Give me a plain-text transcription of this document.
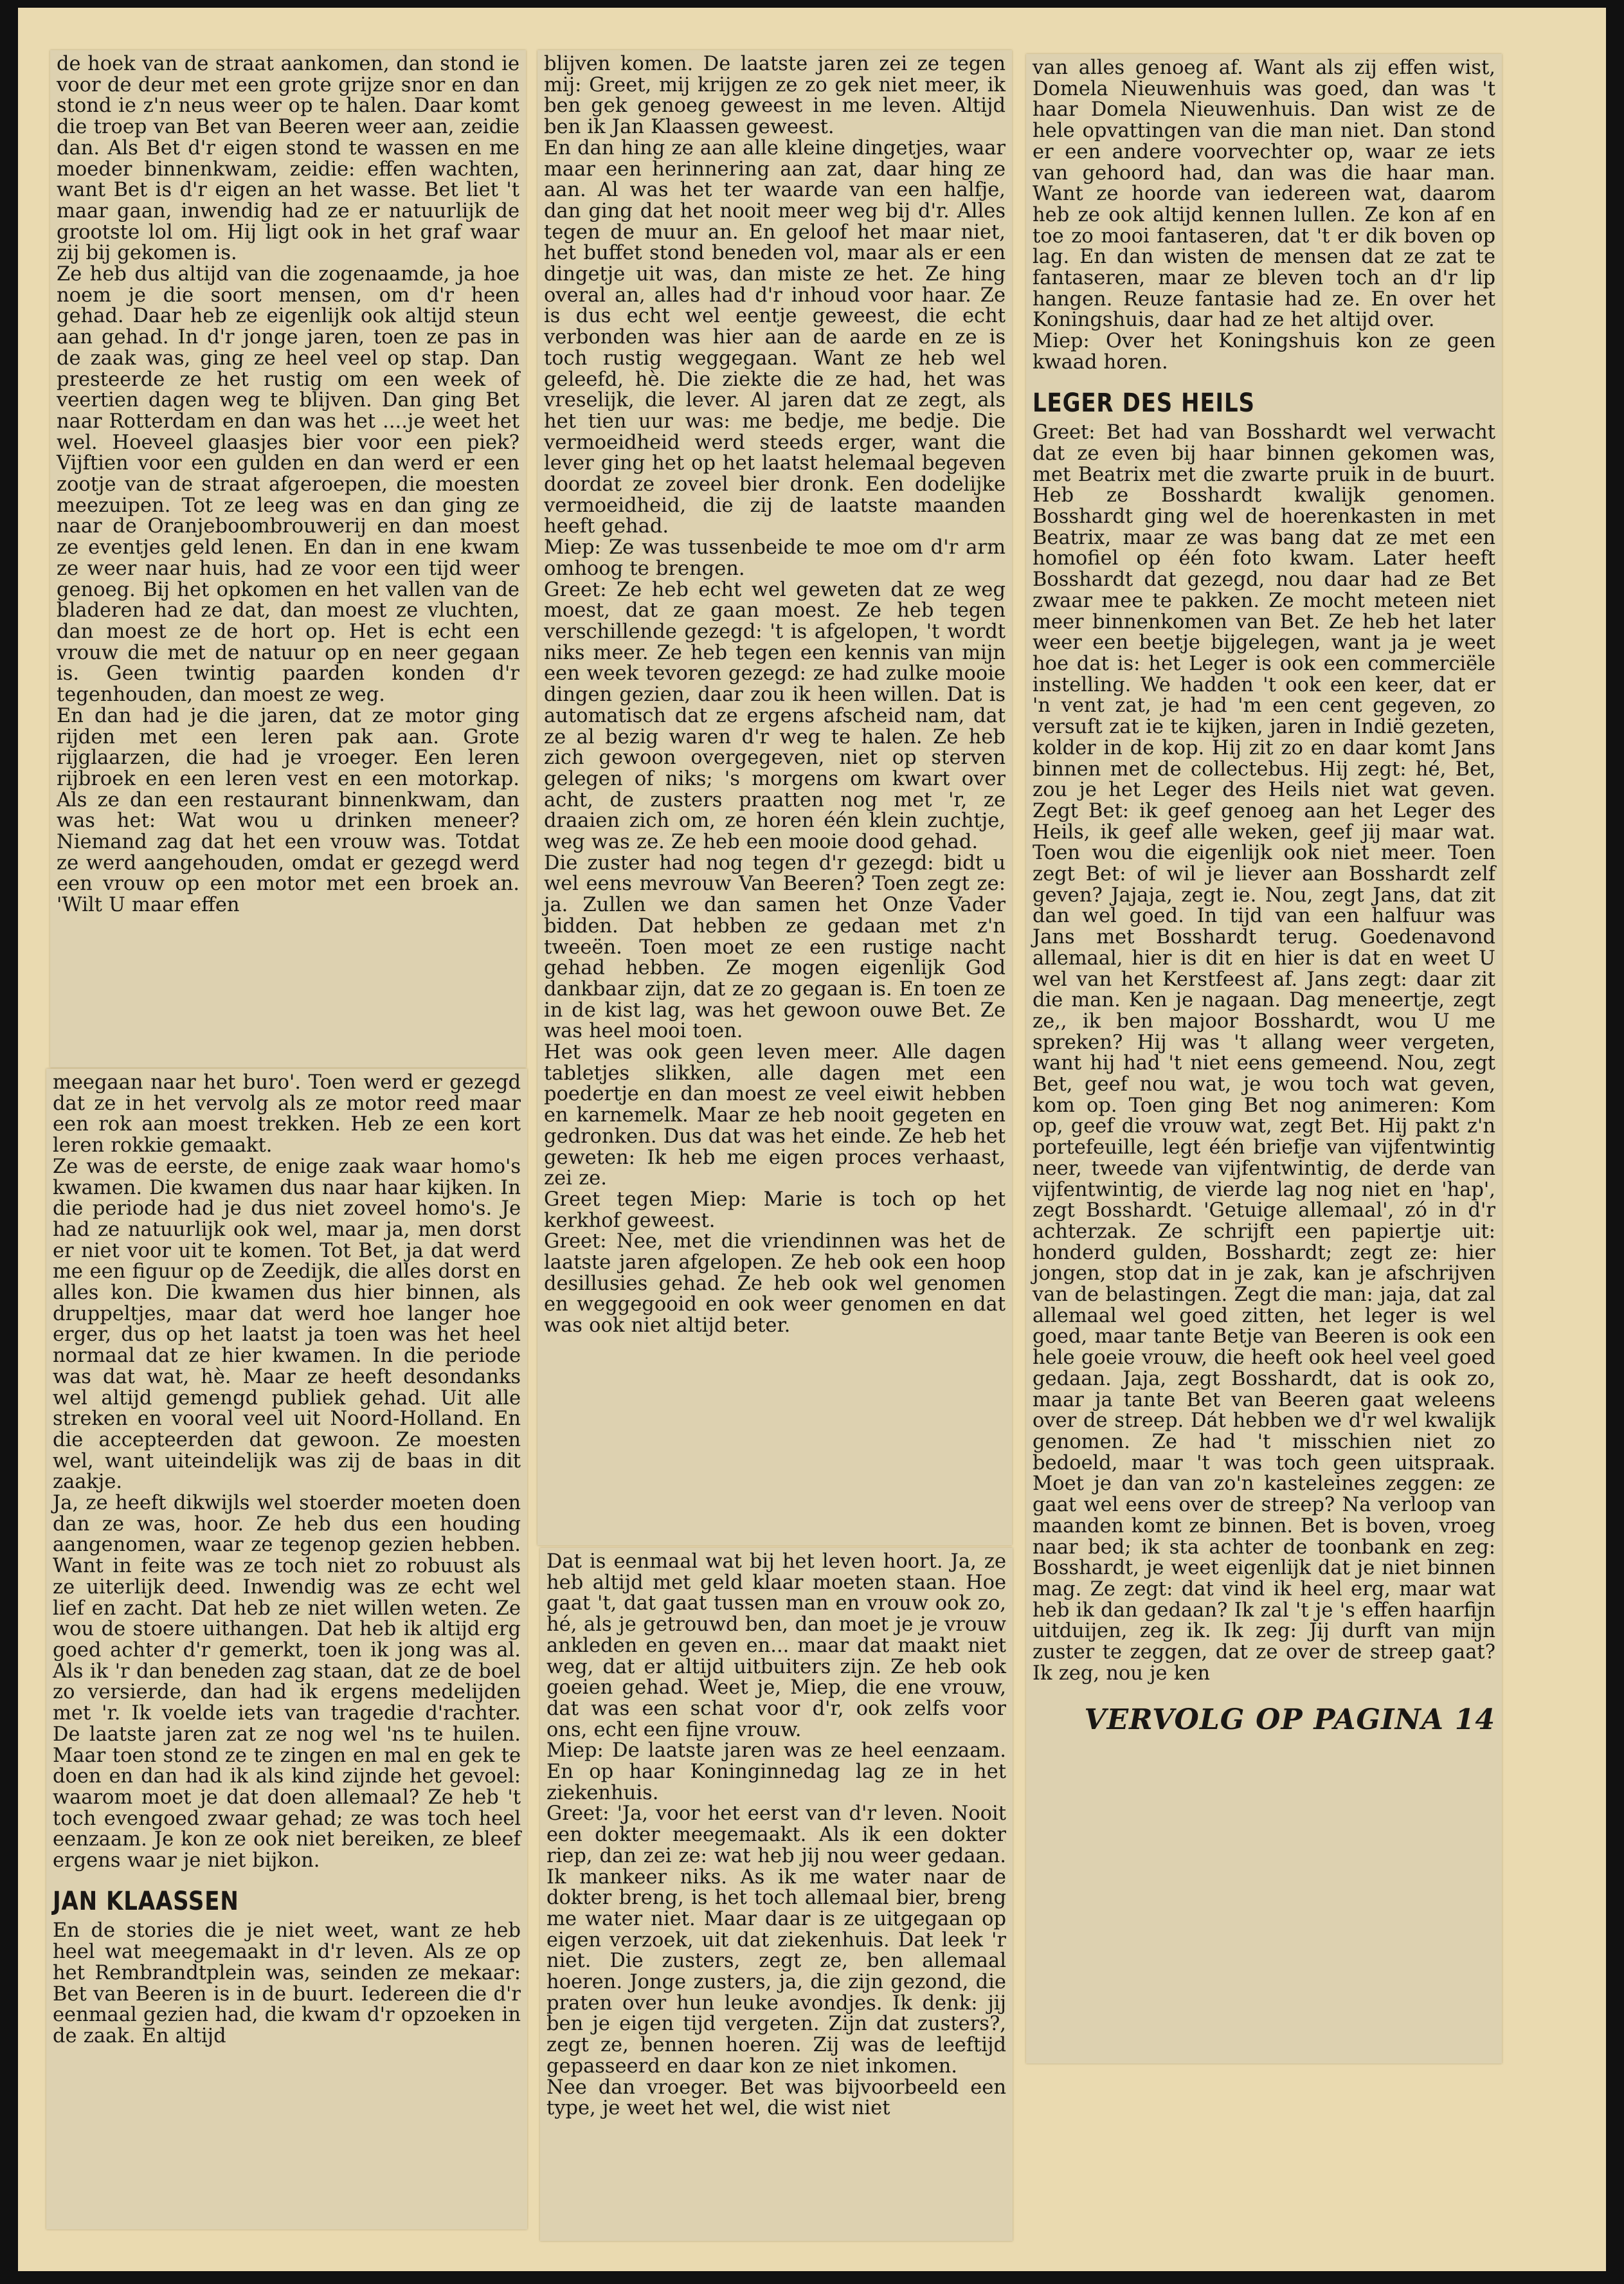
de hoek van de straat aankomen, dan stond ie voor de deur met een grote grijze snor en dan stond ie z'n neus weer op te halen. Daar komt die troep van Bet van Beeren weer aan, zeidie dan. Als Bet d'r eigen stond te wassen en me moeder binnenkwam, zeidie: effen wachten, want Bet is d'r eigen an het wasse. Bet liet 't maar gaan, inwendig had ze er natuurlijk de grootste lol om. Hij ligt ook in het graf waar zij bij gekomen is.

Ze heb dus altijd van die zogenaamde, ja hoe noem je die soort mensen, om d'r heen gehad. Daar heb ze eigenlijk ook altijd steun aan gehad. In d'r jonge jaren, toen ze pas in de zaak was, ging ze heel veel op stap. Dan presteerde ze het rustig om een week of veertien dagen weg te blijven. Dan ging Bet naar Rotterdam en dan was het ....je weet het wel. Hoeveel glaasjes bier voor een piek? Vijftien voor een gulden en dan werd er een zootje van de straat afgeroepen, die moesten meezuipen. Tot ze leeg was en dan ging ze naar de Oranjeboombrouwerij en dan moest ze eventjes geld lenen. En dan in ene kwam ze weer naar huis, had ze voor een tijd weer genoeg. Bij het opkomen en het vallen van de bladeren had ze dat, dan moest ze vluchten, dan moest ze de hort op. Het is echt een vrouw die met de natuur op en neer gegaan is. Geen twintig paarden konden d'r tegenhouden, dan moest ze weg.

En dan had je die jaren, dat ze motor ging rijden met een leren pak aan. Grote rijglaarzen, die had je vroeger. Een leren rijbroek en een leren vest en een motorkap. Als ze dan een restaurant binnenkwam, dan was het: Wat wou u drinken meneer? Niemand zag dat het een vrouw was. Totdat ze werd aangehouden, omdat er gezegd werd een vrouw op een motor met een broek an. 'Wilt U maar effen

meegaan naar het buro'. Toen werd er gezegd dat ze in het vervolg als ze motor reed maar een rok aan moest trekken. Heb ze een kort leren rokkie gemaakt.

Ze was de eerste, de enige zaak waar homo's kwamen. Die kwamen dus naar haar kijken. In die periode had je dus niet zoveel homo's. Je had ze natuurlijk ook wel, maar ja, men dorst er niet voor uit te komen. Tot Bet, ja dat werd me een figuur op de Zeedijk, die alles dorst en alles kon. Die kwamen dus hier binnen, als druppeltjes, maar dat werd hoe langer hoe erger, dus op het laatst ja toen was het heel normaal dat ze hier kwamen. In die periode was dat wat, hè. Maar ze heeft desondanks wel altijd gemengd publiek gehad. Uit alle streken en vooral veel uit Noord-Holland. En die accepteerden dat gewoon. Ze moesten wel, want uiteindelijk was zij de baas in dit zaakje.

Ja, ze heeft dikwijls wel stoerder moeten doen dan ze was, hoor. Ze heb dus een houding aangenomen, waar ze tegenop gezien hebben. Want in feite was ze toch niet zo robuust als ze uiterlijk deed. Inwendig was ze echt wel lief en zacht. Dat heb ze niet willen weten. Ze wou de stoere uithangen. Dat heb ik altijd erg goed achter d'r gemerkt, toen ik jong was al. Als ik 'r dan beneden zag staan, dat ze de boel zo versierde, dan had ik ergens medelijden met 'r. Ik voelde iets van tragedie d'rachter. De laatste jaren zat ze nog wel 'ns te huilen. Maar toen stond ze te zingen en mal en gek te doen en dan had ik als kind zijnde het gevoel: waarom moet je dat doen allemaal? Ze heb 't toch evengoed zwaar gehad; ze was toch heel eenzaam. Je kon ze ook niet bereiken, ze bleef ergens waar je niet bijkon.

JAN KLAASSEN

En de stories die je niet weet, want ze heb heel wat meegemaakt in d'r leven. Als ze op het Rembrandtplein was, seinden ze mekaar: Bet van Beeren is in de buurt. Iedereen die d'r eenmaal gezien had, die kwam d'r opzoeken in de zaak. En altijd

blijven komen. De laatste jaren zei ze tegen mij: Greet, mij krijgen ze zo gek niet meer, ik ben gek genoeg geweest in me leven. Altijd ben ik Jan Klaassen geweest.

En dan hing ze aan alle kleine dingetjes, waar maar een herinnering aan zat, daar hing ze aan. Al was het ter waarde van een halfje, dan ging dat het nooit meer weg bij d'r. Alles tegen de muur an. En geloof het maar niet, het buffet stond beneden vol, maar als er een dingetje uit was, dan miste ze het. Ze hing overal an, alles had d'r inhoud voor haar. Ze is dus echt wel eentje geweest, die echt verbonden was hier aan de aarde en ze is toch rustig weggegaan. Want ze heb wel geleefd, hè. Die ziekte die ze had, het was vreselijk, die lever. Al jaren dat ze zegt, als het tien uur was: me bedje, me bedje. Die vermoeidheid werd steeds erger, want die lever ging het op het laatst helemaal begeven doordat ze zoveel bier dronk. Een dodelijke vermoeidheid, die zij de laatste maanden heeft gehad.

Miep: Ze was tussenbeide te moe om d'r arm omhoog te brengen.

Greet: Ze heb echt wel geweten dat ze weg moest, dat ze gaan moest. Ze heb tegen verschillende gezegd: 't is afgelopen, 't wordt niks meer. Ze heb tegen een kennis van mijn een week tevoren gezegd: ze had zulke mooie dingen gezien, daar zou ik heen willen. Dat is automatisch dat ze ergens afscheid nam, dat ze al bezig waren d'r weg te halen. Ze heb zich gewoon overgegeven, niet op sterven gelegen of niks; 's morgens om kwart over acht, de zusters praatten nog met 'r, ze draaien zich om, ze horen één klein zuchtje, weg was ze. Ze heb een mooie dood gehad.

Die zuster had nog tegen d'r gezegd: bidt u wel eens mevrouw Van Beeren? Toen zegt ze: ja. Zullen we dan samen het Onze Vader bidden. Dat hebben ze gedaan met z'n tweeën. Toen moet ze een rustige nacht gehad hebben. Ze mogen eigenlijk God dankbaar zijn, dat ze zo gegaan is. En toen ze in de kist lag, was het gewoon ouwe Bet. Ze was heel mooi toen.

Het was ook geen leven meer. Alle dagen tabletjes slikken, alle dagen met een poedertje en dan moest ze veel eiwit hebben en karnemelk. Maar ze heb nooit gegeten en gedronken. Dus dat was het einde. Ze heb het geweten: Ik heb me eigen proces verhaast, zei ze.

Greet tegen Miep: Marie is toch op het kerkhof geweest.

Greet: Nee, met die vriendinnen was het de laatste jaren afgelopen. Ze heb ook een hoop desillusies gehad. Ze heb ook wel genomen en weggegooid en ook weer genomen en dat was ook niet altijd beter.

Dat is eenmaal wat bij het leven hoort. Ja, ze heb altijd met geld klaar moeten staan. Hoe gaat 't, dat gaat tussen man en vrouw ook zo, hé, als je getrouwd ben, dan moet je je vrouw ankleden en geven en... maar dat maakt niet weg, dat er altijd uitbuiters zijn. Ze heb ook goeien gehad. Weet je, Miep, die ene vrouw, dat was een schat voor d'r, ook zelfs voor ons, echt een fijne vrouw.

Miep: De laatste jaren was ze heel eenzaam. En op haar Koninginnedag lag ze in het ziekenhuis.

Greet: 'Ja, voor het eerst van d'r leven. Nooit een dokter meegemaakt. Als ik een dokter riep, dan zei ze: wat heb jij nou weer gedaan. Ik mankeer niks. As ik me water naar de dokter breng, is het toch allemaal bier, breng me water niet. Maar daar is ze uitgegaan op eigen verzoek, uit dat ziekenhuis. Dat leek 'r niet. Die zusters, zegt ze, ben allemaal hoeren. Jonge zusters, ja, die zijn gezond, die praten over hun leuke avondjes. Ik denk: jij ben je eigen tijd vergeten. Zijn dat zusters?, zegt ze, bennen hoeren. Zij was de leeftijd gepasseerd en daar kon ze niet inkomen.

Nee dan vroeger. Bet was bijvoorbeeld een type, je weet het wel, die wist niet

van alles genoeg af. Want als zij effen wist, Domela Nieuwenhuis was goed, dan was 't haar Domela Nieuwenhuis. Dan wist ze de hele opvattingen van die man niet. Dan stond er een andere voorvechter op, waar ze iets van gehoord had, dan was die haar man. Want ze hoorde van iedereen wat, daarom heb ze ook altijd kennen lullen. Ze kon af en toe zo mooi fantaseren, dat 't er dik boven op lag. En dan wisten de mensen dat ze zat te fantaseren, maar ze bleven toch an d'r lip hangen. Reuze fantasie had ze. En over het Koningshuis, daar had ze het altijd over.

Miep: Over het Koningshuis kon ze geen kwaad horen.

LEGER DES HEILS

Greet: Bet had van Bosshardt wel verwacht dat ze even bij haar binnen gekomen was, met Beatrix met die zwarte pruik in de buurt. Heb ze Bosshardt kwalijk genomen. Bosshardt ging wel de hoerenkasten in met Beatrix, maar ze was bang dat ze met een homofiel op één foto kwam. Later heeft Bosshardt dat gezegd, nou daar had ze Bet zwaar mee te pakken. Ze mocht meteen niet meer binnenkomen van Bet. Ze heb het later weer een beetje bijgelegen, want ja je weet hoe dat is: het Leger is ook een commerciële instelling. We hadden 't ook een keer, dat er 'n vent zat, je had 'm een cent gegeven, zo versuft zat ie te kijken, jaren in Indië gezeten, kolder in de kop. Hij zit zo en daar komt Jans binnen met de collectebus. Hij zegt: hé, Bet, zou je het Leger des Heils niet wat geven. Zegt Bet: ik geef genoeg aan het Leger des Heils, ik geef alle weken, geef jij maar wat. Toen wou die eigenlijk ook niet meer. Toen zegt Bet: of wil je liever aan Bosshardt zelf geven? Jajaja, zegt ie. Nou, zegt Jans, dat zit dan wel goed. In tijd van een halfuur was Jans met Bosshardt terug. Goedenavond allemaal, hier is dit en hier is dat en weet U wel van het Kerstfeest af. Jans zegt: daar zit die man. Ken je nagaan. Dag meneertje, zegt ze,, ik ben majoor Bosshardt, wou U me spreken? Hij was 't allang weer vergeten, want hij had 't niet eens gemeend. Nou, zegt Bet, geef nou wat, je wou toch wat geven, kom op. Toen ging Bet nog animeren: Kom op, geef die vrouw wat, zegt Bet. Hij pakt z'n portefeuille, legt één briefje van vijfentwintig neer, tweede van vijfentwintig, de derde van vijfentwintig, de vierde lag nog niet en 'hap', zegt Bosshardt. 'Getuige allemaal', zó in d'r achterzak. Ze schrijft een papiertje uit: honderd gulden, Bosshardt; zegt ze: hier jongen, stop dat in je zak, kan je afschrijven van de belastingen. Zegt die man: jaja, dat zal allemaal wel goed zitten, het leger is wel goed, maar tante Betje van Beeren is ook een hele goeie vrouw, die heeft ook heel veel goed gedaan. Jaja, zegt Bosshardt, dat is ook zo, maar ja tante Bet van Beeren gaat weleens over de streep. Dát hebben we d'r wel kwalijk genomen. Ze had 't misschien niet zo bedoeld, maar 't was toch geen uitspraak. Moet je dan van zo'n kasteleines zeggen: ze gaat wel eens over de streep? Na verloop van maanden komt ze binnen. Bet is boven, vroeg naar bed; ik sta achter de toonbank en zeg: Bosshardt, je weet eigenlijk dat je niet binnen mag. Ze zegt: dat vind ik heel erg, maar wat heb ik dan gedaan? Ik zal 't je 's effen haarfijn uitduijen, zeg ik. Ik zeg: Jij durft van mijn zuster te zeggen, dat ze over de streep gaat? Ik zeg, nou je ken

VERVOLG OP PAGINA 14
